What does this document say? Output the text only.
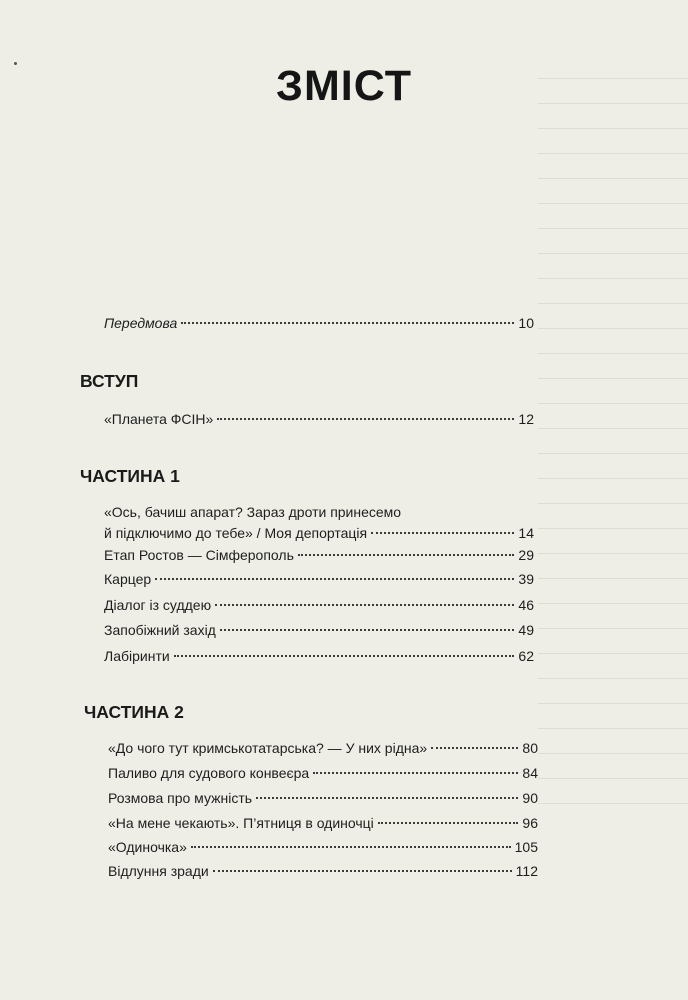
ЗМІСТ
Передмова	10
ВСТУП
«Планета ФСІН»	12
ЧАСТИНА 1
«Ось, бачиш апарат? Зараз дроти принесемо
й підключимо до тебе» / Моя депортація	14
Етап Ростов — Сімферополь	29
Карцер	39
Діалог із суддею	46
Запобіжний захід	49
Лабіринти	62
ЧАСТИНА 2
«До чого тут кримськотатарська? — У них рідна»	80
Паливо для судового конвеєра	84
Розмова про мужність	90
«На мене чекають». П’ятниця в одиночці	96
«Одиночка»	105
Відлуння зради	112
